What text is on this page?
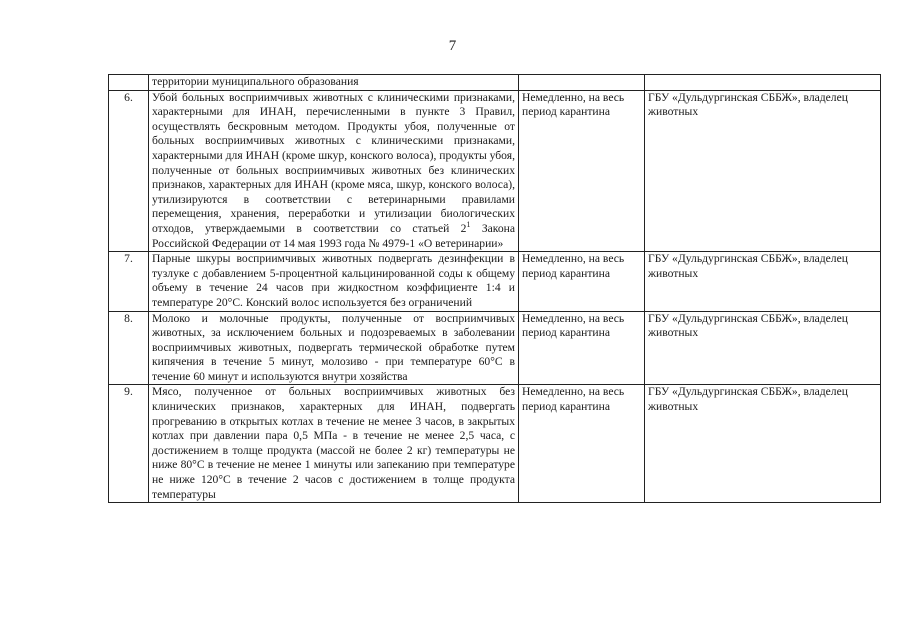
7
	территории муниципального образования		
6.	Убой больных восприимчивых животных с клиническими признаками, характерными для ИНАН, перечисленными в пункте 3 Правил, осуществлять бескровным методом. Продукты убоя, полученные от больных восприимчивых животных с клиническими признаками, характерными для ИНАН (кроме шкур, конского волоса), продукты убоя, полученные от больных восприимчивых животных без клинических признаков, характерных для ИНАН (кроме мяса, шкур, конского волоса), утилизируются в соответствии с ветеринарными правилами перемещения, хранения, переработки и утилизации биологических отходов, утверждаемыми в соответствии со статьей $2^1$ Закона Российской Федерации от 14 мая 1993 года № 4979-1 «О ветеринарии»	Немедленно, на весь период карантина	ГБУ «Дульдургинская СББЖ», владелец животных
7.	Парные шкуры восприимчивых животных подвергать дезинфекции в тузлуке с добавлением 5-процентной кальцинированной соды к общему объему в течение 24 часов при жидкостном коэффициенте 1:4 и температуре 20°С. Конский волос используется без ограничений	Немедленно, на весь период карантина	ГБУ «Дульдургинская СББЖ», владелец животных
8.	Молоко и молочные продукты, полученные от восприимчивых животных, за исключением больных и подозреваемых в заболевании восприимчивых животных, подвергать термической обработке путем кипячения в течение 5 минут, молозиво - при температуре 60°С в течение 60 минут и используются внутри хозяйства	Немедленно, на весь период карантина	ГБУ «Дульдургинская СББЖ», владелец животных
9.	Мясо, полученное от больных восприимчивых животных без клинических признаков, характерных для ИНАН, подвергать прогреванию в открытых котлах в течение не менее 3 часов, в закрытых котлах при давлении пара 0,5 МПа - в течение не менее 2,5 часа, с достижением в толще продукта (массой не более 2 кг) температуры не ниже 80°С в течение не менее 1 минуты или запеканию при температуре не ниже 120°С в течение 2 часов с достижением в толще продукта температуры	Немедленно, на весь период карантина	ГБУ «Дульдургинская СББЖ», владелец животных
